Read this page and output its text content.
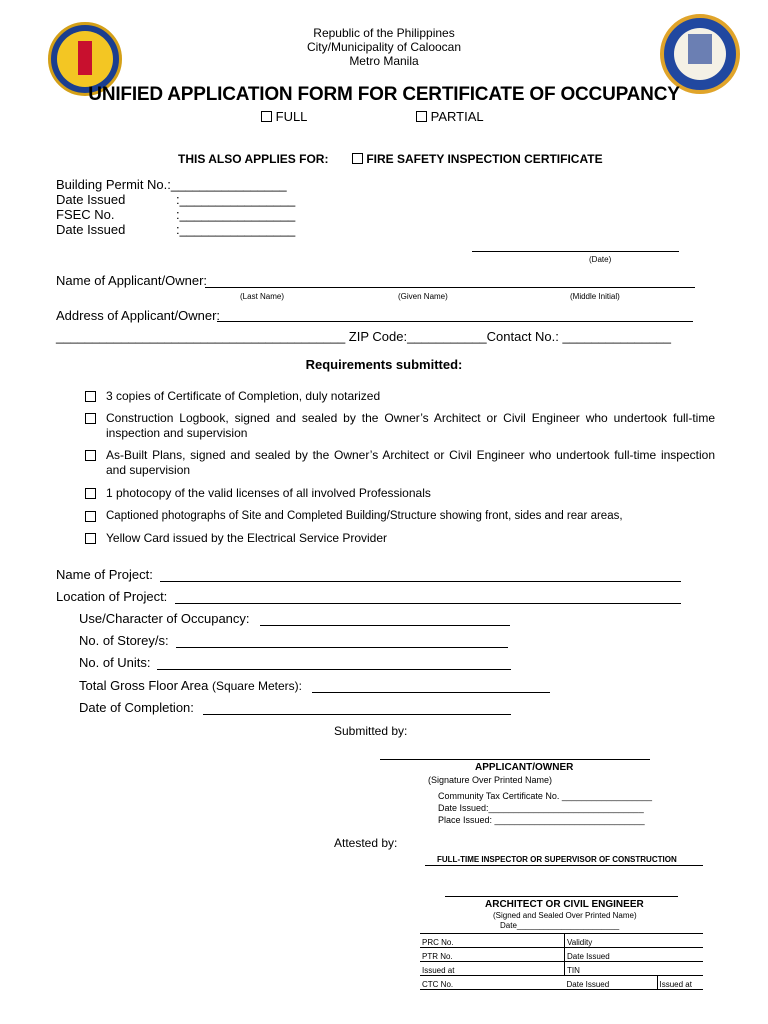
Republic of the Philippines
City/Municipality of Caloocan
Metro Manila
UNIFIED APPLICATION FORM FOR CERTIFICATE OF OCCUPANCY
FULL	PARTIAL
THIS ALSO APPLIES FOR:	FIRE SAFETY INSPECTION CERTIFICATE
Building Permit No.:________________
Date Issued	:________________
FSEC No.	:________________
Date Issued	:________________
(Date)
Name of Applicant/Owner:
(Last Name)	(Given Name)	(Middle Initial)
Address of Applicant/Owner:
________________________________________ ZIP Code:___________Contact No.: _______________
Requirements submitted:
3 copies of Certificate of Completion, duly notarized
Construction Logbook, signed and sealed by the Owner’s Architect or Civil Engineer who undertook full-time inspection and supervision
As-Built Plans, signed and sealed by the Owner’s Architect or Civil Engineer who undertook full-time inspection and supervision
1 photocopy of the valid licenses of all involved Professionals
Captioned photographs of Site and Completed Building/Structure showing front, sides and rear areas,
Yellow Card issued by the Electrical Service Provider
Name of Project:
Location of Project:
Use/Character of Occupancy:
No. of Storey/s:
No. of Units:
Total Gross Floor Area (Square Meters):
Date of Completion:
Submitted by:
APPLICANT/OWNER
(Signature Over Printed Name)
Community Tax Certificate No. __________________
Date Issued:_______________________________
Place Issued: ______________________________
Attested by:
FULL-TIME INSPECTOR OR SUPERVISOR OF CONSTRUCTION
ARCHITECT OR CIVIL ENGINEER
(Signed and Sealed Over Printed Name)
Date_______________________
PRC No.	Validity	
PTR No.	Date Issued	
Issued at	TIN	
CTC No.	Date Issued	Issued at
